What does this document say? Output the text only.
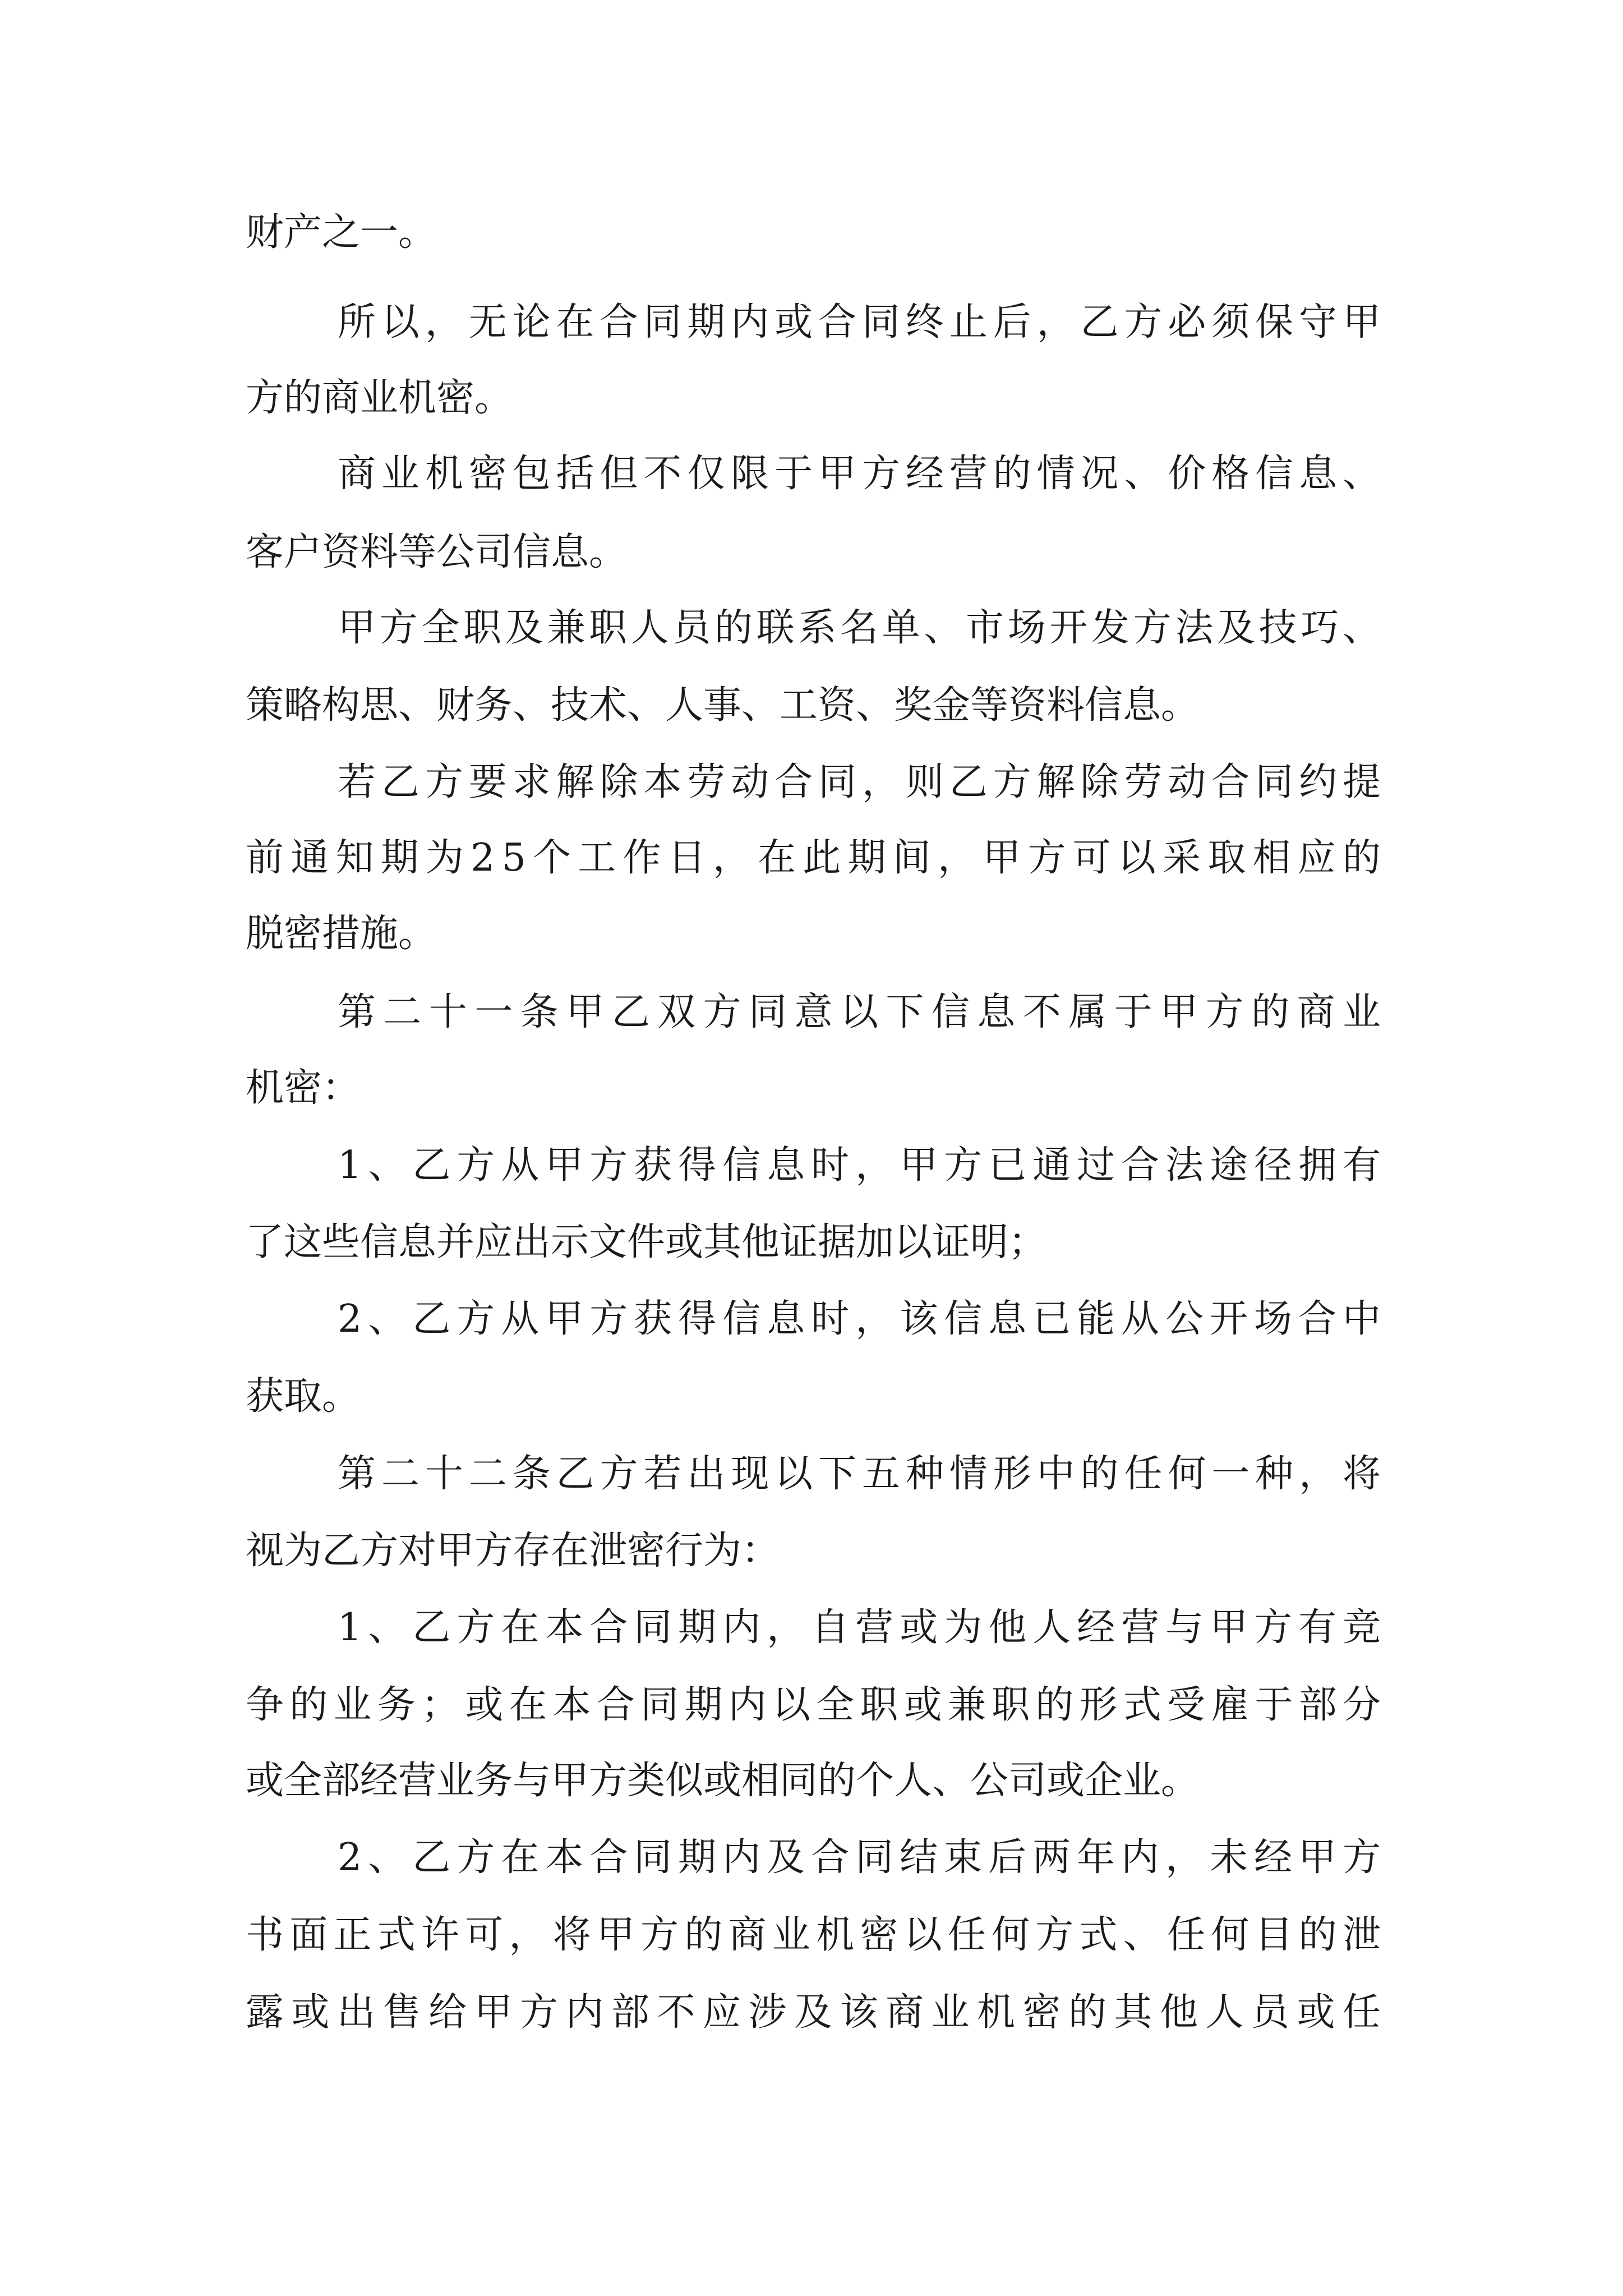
财产之一。
所以，无论在合同期内或合同终止后，乙方必须保守甲
方的商业机密。
商业机密包括但不仅限于甲方经营的情况、价格信息、
客户资料等公司信息。
甲方全职及兼职人员的联系名单、市场开发方法及技巧、
策略构思、财务、技术、人事、工资、奖金等资料信息。
若乙方要求解除本劳动合同，则乙方解除劳动合同约提
前通知期为25个工作日，在此期间，甲方可以采取相应的
脱密措施。
第二十一条甲乙双方同意以下信息不属于甲方的商业
机密：
1、乙方从甲方获得信息时，甲方已通过合法途径拥有
了这些信息并应出示文件或其他证据加以证明；
2、乙方从甲方获得信息时，该信息已能从公开场合中
获取。
第二十二条乙方若出现以下五种情形中的任何一种，将
视为乙方对甲方存在泄密行为：
1、乙方在本合同期内，自营或为他人经营与甲方有竞
争的业务；或在本合同期内以全职或兼职的形式受雇于部分
或全部经营业务与甲方类似或相同的个人、公司或企业。
2、乙方在本合同期内及合同结束后两年内，未经甲方
书面正式许可，将甲方的商业机密以任何方式、任何目的泄
露或出售给甲方内部不应涉及该商业机密的其他人员或任
